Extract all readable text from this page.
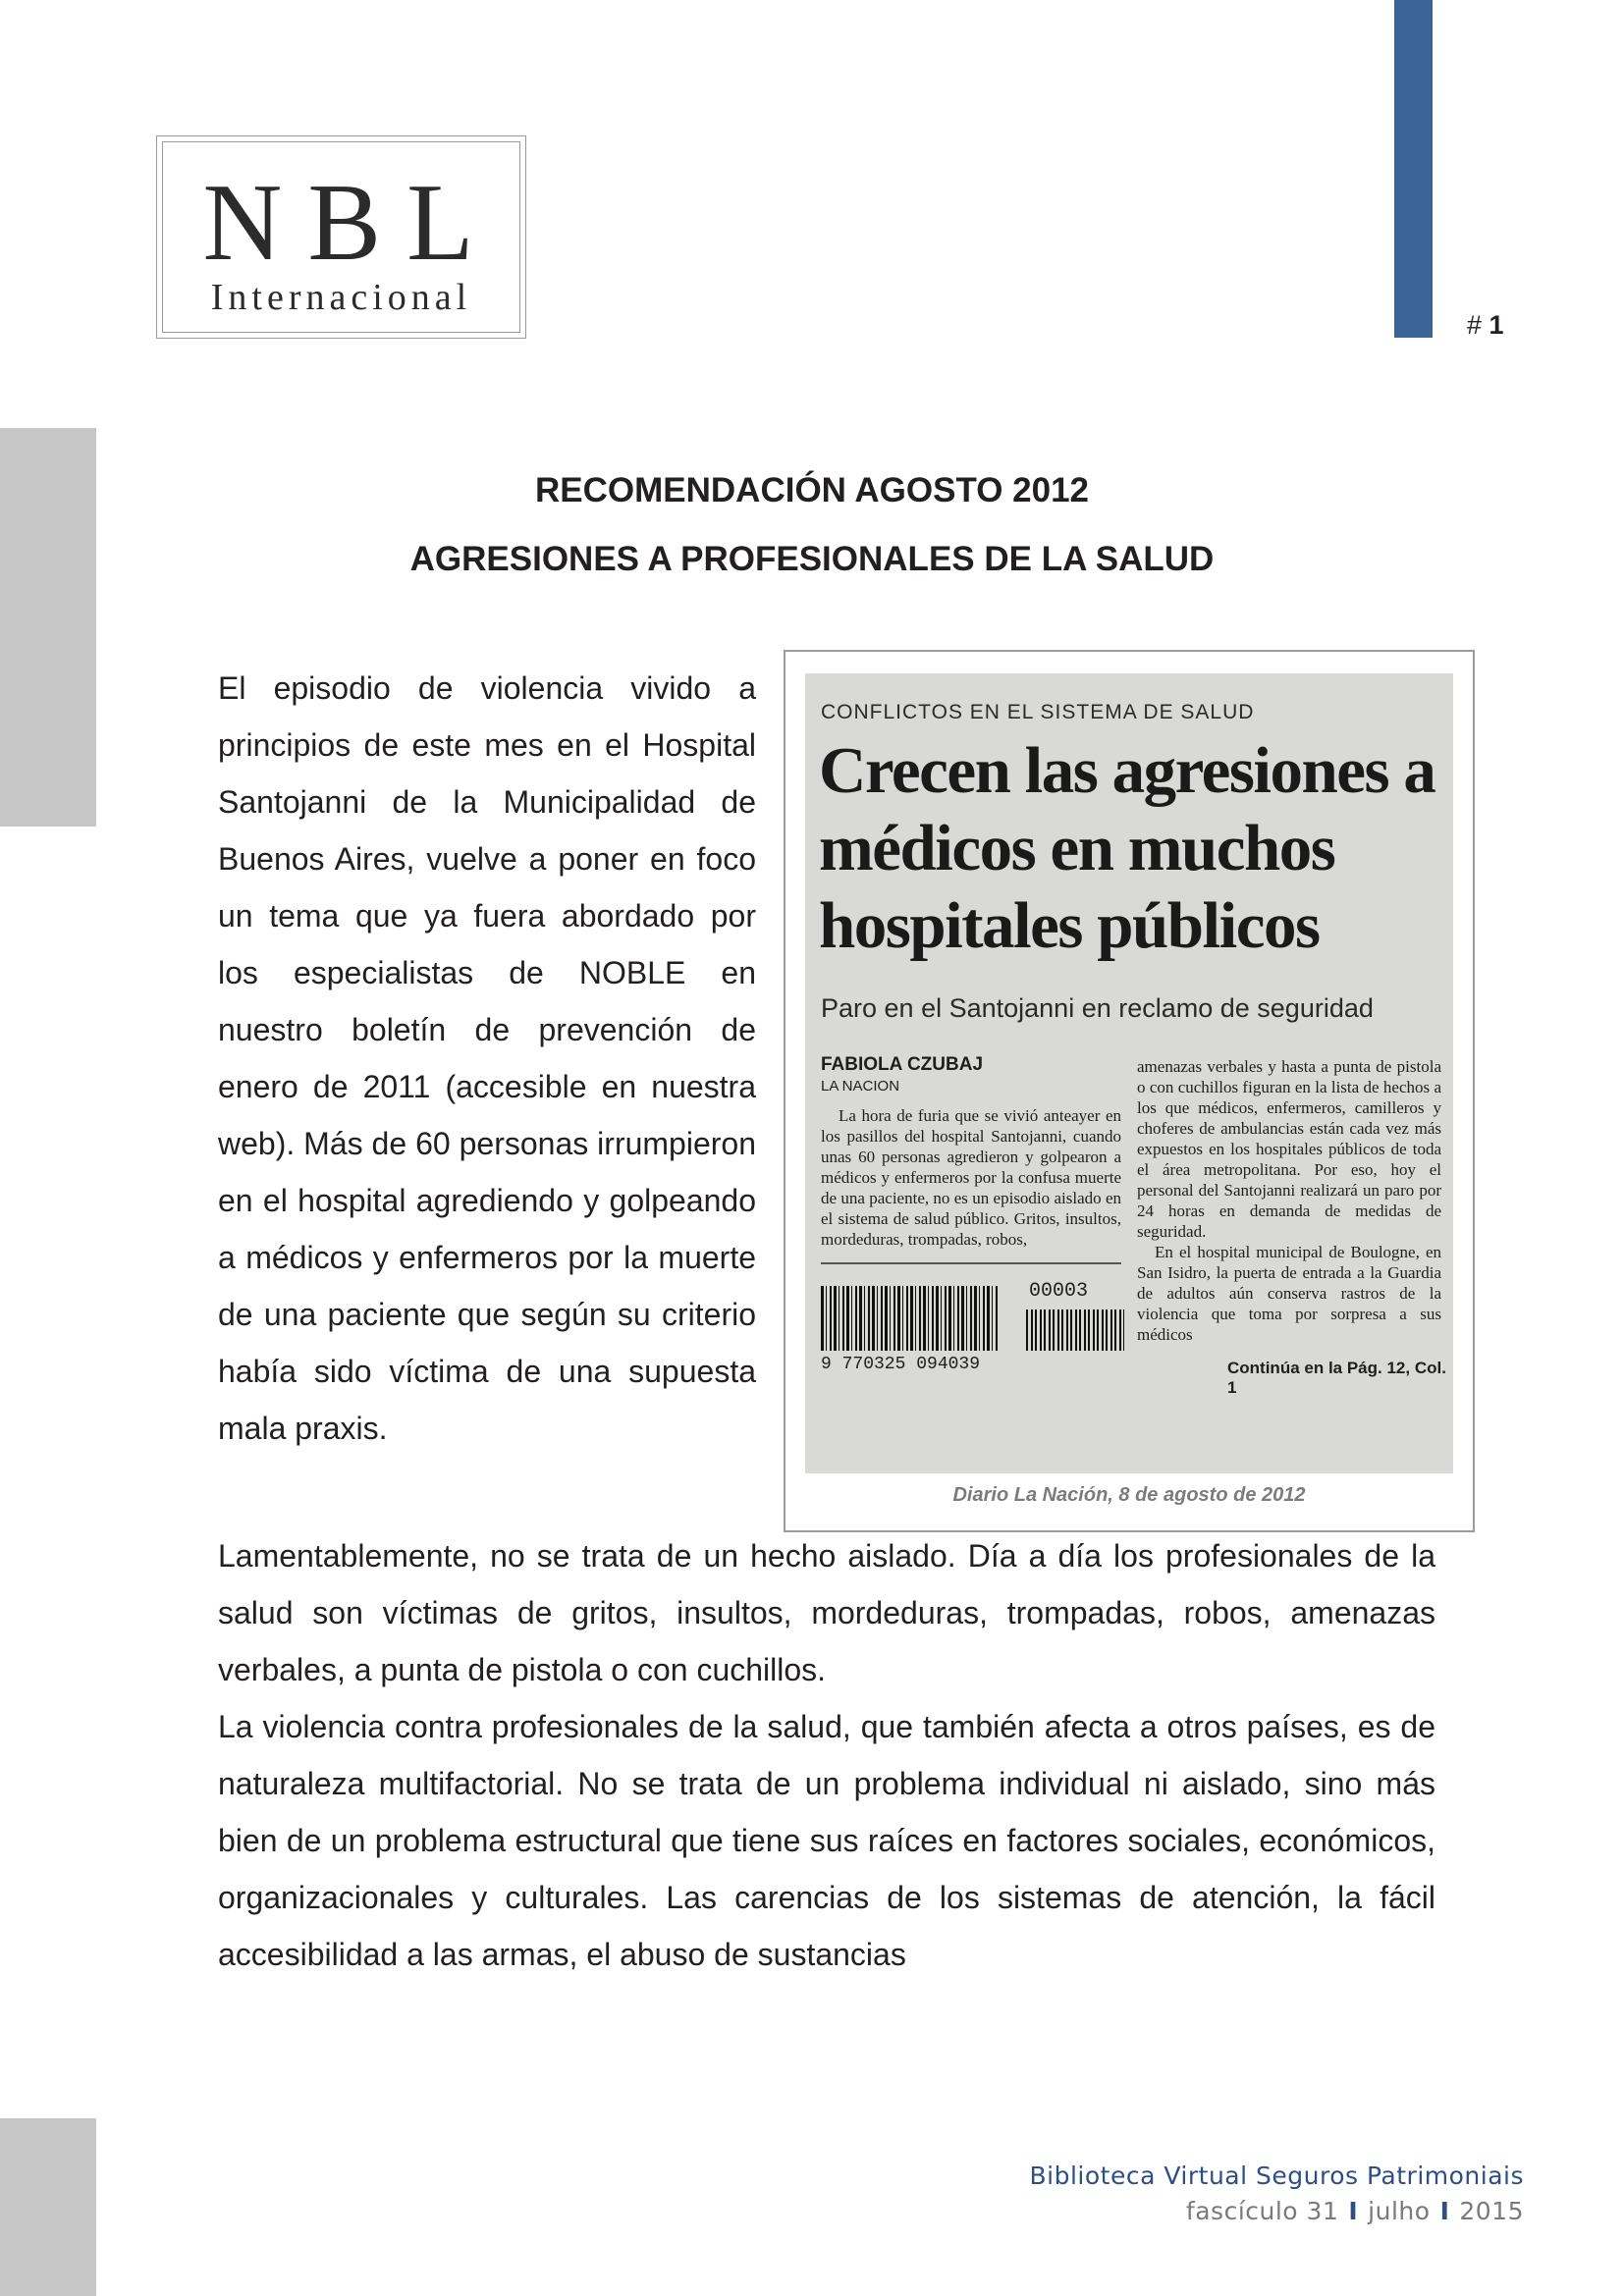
# 1
NBL
Internacional
RECOMENDACIÓN AGOSTO 2012
AGRESIONES A PROFESIONALES DE LA SALUD

El episodio de violencia vivido a principios de este mes en el Hospital Santojanni de la Municipalidad de Buenos Aires, vuelve a poner en foco un tema que ya fuera abordado por los especialistas de NOBLE en nuestro boletín de prevención de enero de 2011 (accesible en nuestra web). Más de 60 personas irrumpieron en el hospital agrediendo y golpeando a médicos y enfermeros por la muerte de una paciente que según su criterio había sido víctima de una supuesta mala praxis.

CONFLICTOS EN EL SISTEMA DE SALUD
Crecen las agresiones a médicos en muchos hospitales públicos
Paro en el Santojanni en reclamo de seguridad
FABIOLA CZUBAJ
LA NACION

La hora de furia que se vivió anteayer en los pasillos del hospital Santojanni, cuando unas 60 personas agredieron y golpearon a médicos y enfermeros por la confusa muerte de una paciente, no es un episodio aislado en el sistema de salud público. Gritos, insultos, mordeduras, trompadas, robos,

amenazas verbales y hasta a punta de pistola o con cuchillos figuran en la lista de hechos a los que médicos, enfermeros, camilleros y choferes de ambulancias están cada vez más expuestos en los hospitales públicos de toda el área metropolitana. Por eso, hoy el personal del Santojanni realizará un paro por 24 horas en demanda de medidas de seguridad.
En el hospital municipal de Boulogne, en San Isidro, la puerta de entrada a la Guardia de adultos aún conserva rastros de la violencia que toma por sorpresa a sus médicos

00003
9 770325 094039	Continúa en la Pág. 12, Col. 1
Diario La Nación, 8 de agosto de 2012

Lamentablemente, no se trata de un hecho aislado. Día a día los profesionales de la salud son víctimas de gritos, insultos, mordeduras, trompadas, robos, amenazas verbales, a punta de pistola o con cuchillos.
La violencia contra profesionales de la salud, que también afecta a otros países, es de naturaleza multifactorial. No se trata de un problema individual ni aislado, sino más bien de un problema estructural que tiene sus raíces en factores sociales, económicos, organizacionales y culturales. Las carencias de los sistemas de atención, la fácil accesibilidad a las armas, el abuso de sustancias

Biblioteca Virtual Seguros Patrimoniais
fascículo 31 I julho I 2015
